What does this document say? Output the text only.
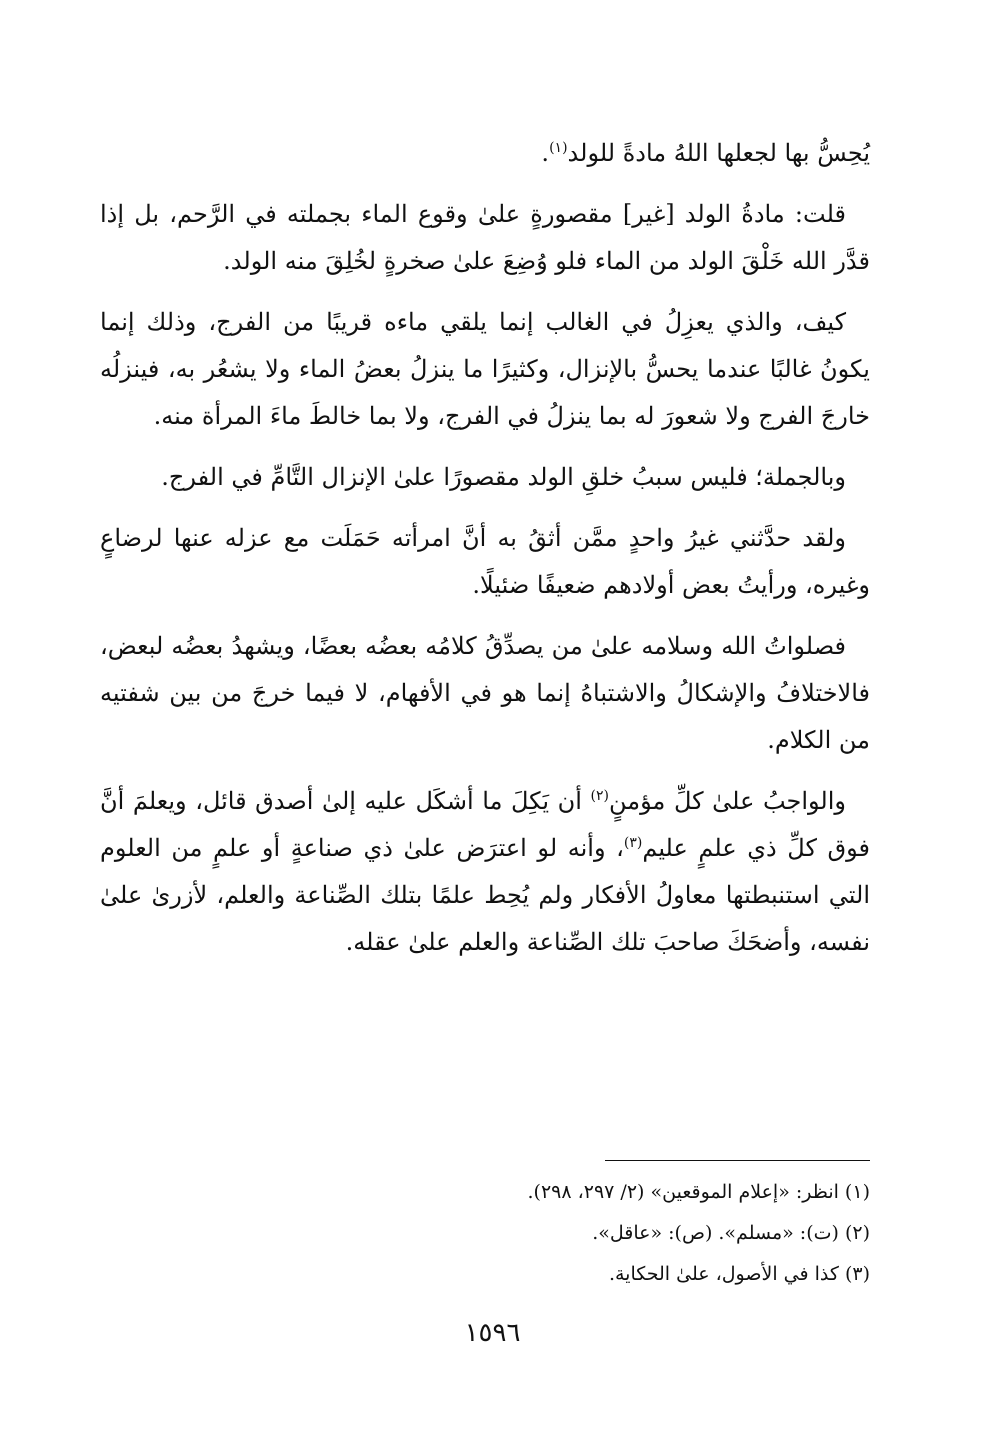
يُحِسُّ بها لجعلها اللهُ مادةً للولد$^{(١)}$.

قلت: مادةُ الولد [غير] مقصورةٍ علىٰ وقوع الماء بجملته في الرَّحم، بل إذا قدَّر الله خَلْقَ الولد من الماء فلو وُضِعَ علىٰ صخرةٍ لخُلِقَ منه الولد.

كيف، والذي يعزِلُ في الغالب إنما يلقي ماءه قريبًا من الفرج، وذلك إنما يكونُ غالبًا عندما يحسُّ بالإنزال، وكثيرًا ما ينزلُ بعضُ الماء ولا يشعُر به، فينزلُه خارجَ الفرج ولا شعورَ له بما ينزلُ في الفرج، ولا بما خالطَ ماءَ المرأة منه.

وبالجملة؛ فليس سببُ خلقِ الولد مقصورًا علىٰ الإنزال التَّامِّ في الفرج.

ولقد حدَّثني غيرُ واحدٍ ممَّن أثقُ به أنَّ امرأته حَمَلَت مع عزله عنها لرضاعٍ وغيره، ورأيتُ بعض أولادهم ضعيفًا ضئيلًا.

فصلواتُ الله وسلامه علىٰ من يصدِّقُ كلامُه بعضُه بعضًا، ويشهدُ بعضُه لبعض، فالاختلافُ والإشكالُ والاشتباهُ إنما هو في الأفهام، لا فيما خرجَ من بين شفتيه من الكلام.

والواجبُ علىٰ كلِّ مؤمنٍ$^{(٢)}$ أن يَكِلَ ما أشكَل عليه إلىٰ أصدق قائل، ويعلمَ أنَّ فوق كلِّ ذي علمٍ عليم$^{(٣)}$، وأنه لو اعترَض علىٰ ذي صناعةٍ أو علمٍ من العلوم التي استنبطتها معاولُ الأفكار ولم يُحِط علمًا بتلك الصِّناعة والعلم، لأزرىٰ علىٰ نفسه، وأضحَكَ صاحبَ تلك الصِّناعة والعلم علىٰ عقله.

(١) انظر: «إعلام الموقعين» (٢/ ٢٩٧، ٢٩٨).
(٢) (ت): «مسلم». (ص): «عاقل».
(٣) كذا في الأصول، علىٰ الحكاية.
١٥٩٦
